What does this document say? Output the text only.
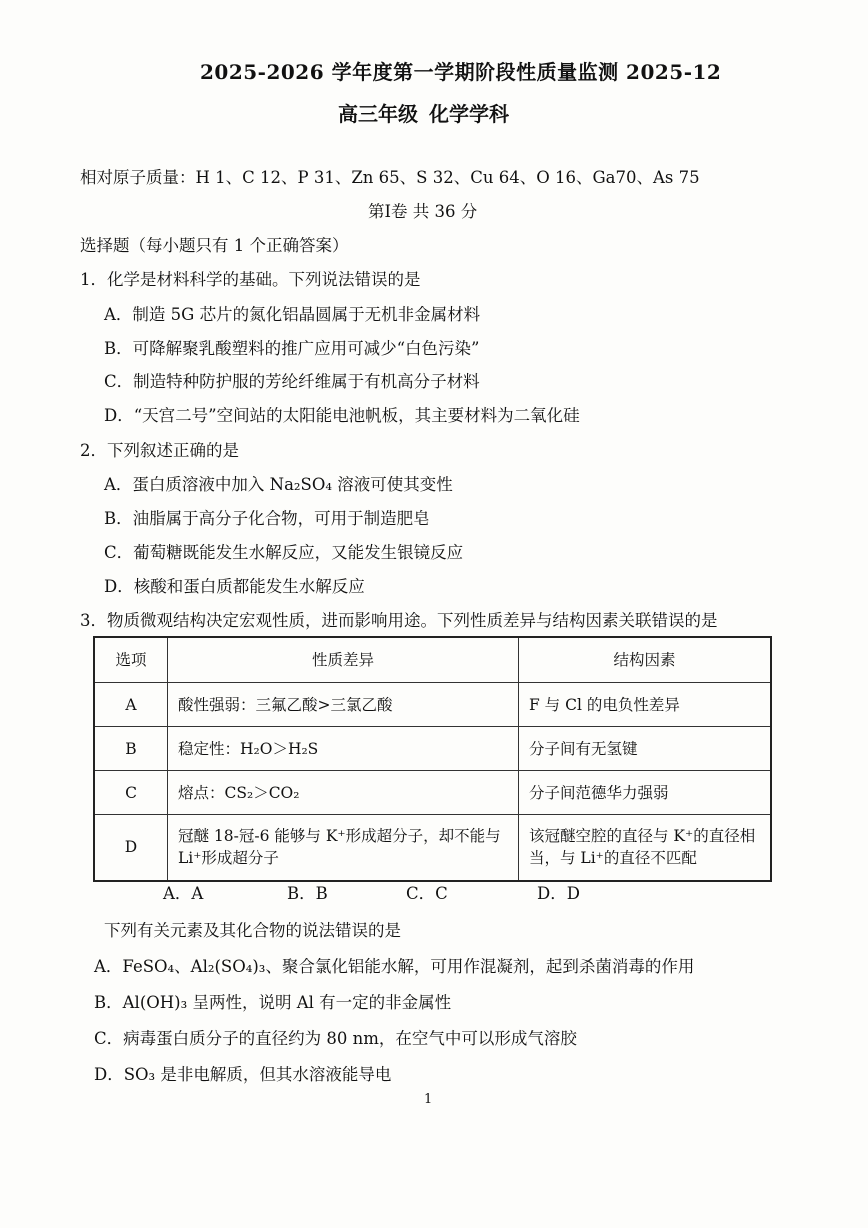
2025-2026 学年度第一学期阶段性质量监测 2025-12
高三年级 化学学科
相对原子质量：H 1、C 12、P 31、Zn 65、S 32、Cu 64、O 16、Ga70、As 75
第Ⅰ卷 共 36 分
选择题（每小题只有 1 个正确答案）
1．化学是材料科学的基础。下列说法错误的是
A．制造 5G 芯片的氮化铝晶圆属于无机非金属材料
B．可降解聚乳酸塑料的推广应用可减少“白色污染”
C．制造特种防护服的芳纶纤维属于有机高分子材料
D．“天宫二号”空间站的太阳能电池帆板，其主要材料为二氧化硅
2．下列叙述正确的是
A．蛋白质溶液中加入 Na₂SO₄ 溶液可使其变性
B．油脂属于高分子化合物，可用于制造肥皂
C．葡萄糖既能发生水解反应，又能发生银镜反应
D．核酸和蛋白质都能发生水解反应
3．物质微观结构决定宏观性质，进而影响用途。下列性质差异与结构因素关联错误的是
选项	性质差异	结构因素
A	酸性强弱：三氟乙酸>三氯乙酸	F 与 Cl 的电负性差异
B	稳定性：H₂O＞H₂S	分子间有无氢键
C	熔点：CS₂＞CO₂	分子间范德华力强弱
D	冠醚 18-冠-6 能够与 K⁺形成超分子，却不能与 Li⁺形成超分子	该冠醚空腔的直径与 K⁺的直径相当，与 Li⁺的直径不匹配
A．A	B．B	C．C	D．D
下列有关元素及其化合物的说法错误的是
A．FeSO₄、Al₂(SO₄)₃、聚合氯化铝能水解，可用作混凝剂，起到杀菌消毒的作用
B．Al(OH)₃ 呈两性，说明 Al 有一定的非金属性
C．病毒蛋白质分子的直径约为 80 nm，在空气中可以形成气溶胶
D．SO₃ 是非电解质，但其水溶液能导电
1
